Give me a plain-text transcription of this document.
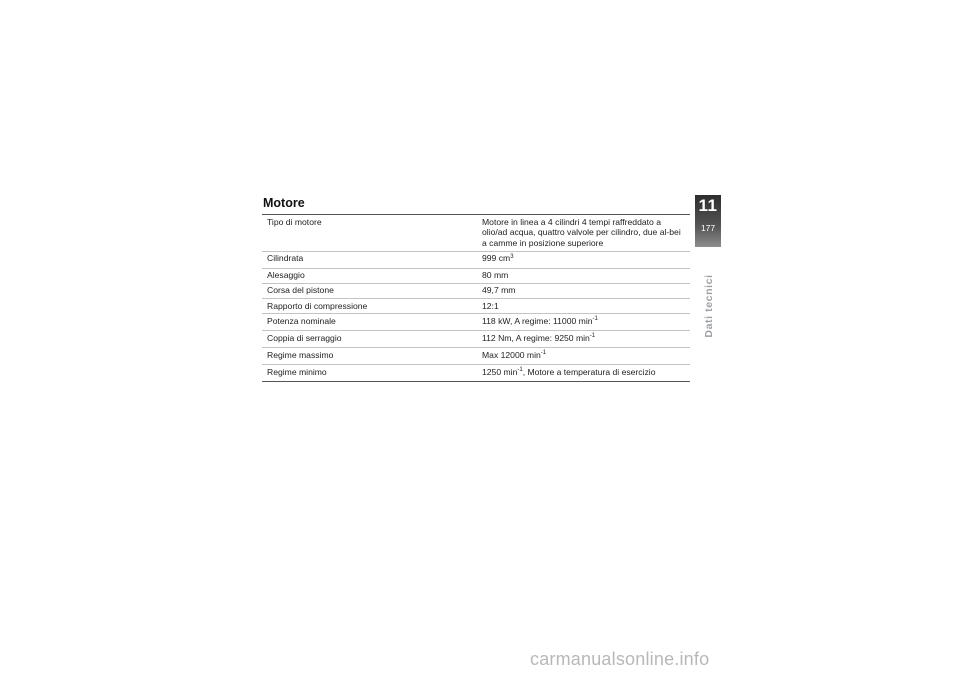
Motore
Tipo di motore	Motore in linea a 4 cilindri 4 tempi raffreddato a olio/ad acqua, quattro valvole per cilindro, due al-bei a camme in posizione superiore
Cilindrata	999 $cm^3$
Alesaggio	80 mm
Corsa del pistone	49,7 mm
Rapporto di compressione	12:1
Potenza nominale	118 kW, A regime: 11000 $\min^{-1}$
Coppia di serraggio	112 Nm, A regime: 9250 $\min^{-1}$
Regime massimo	Max 12000 $\min^{-1}$
Regime minimo	1250 $\min^{-1}$, Motore a temperatura di esercizio
11
177
Dati tecnici
carmanualsonline.info
